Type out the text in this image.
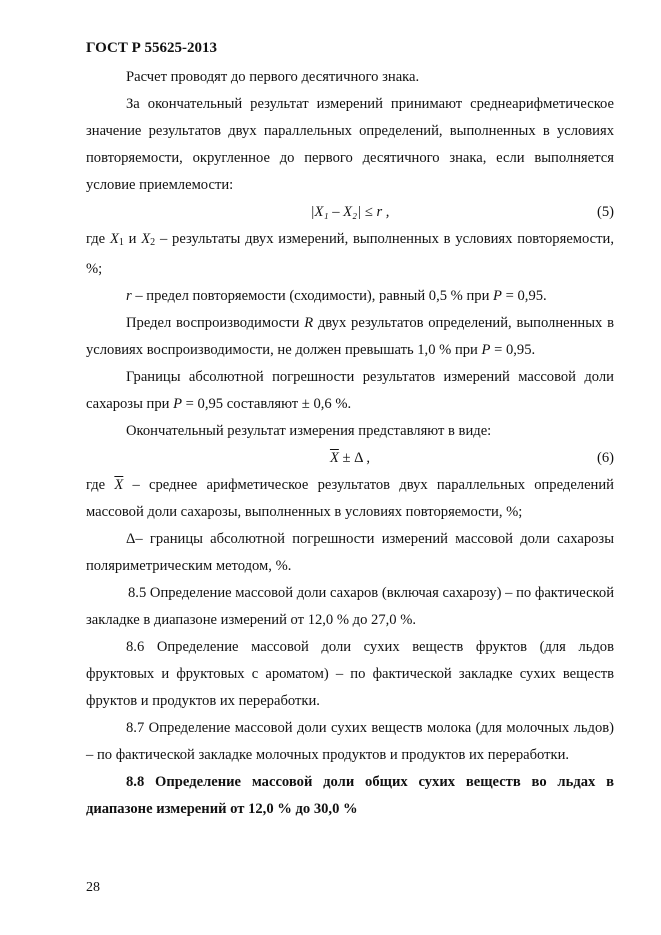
ГОСТ Р 55625-2013

Расчет проводят до первого десятичного знака.

За окончательный результат измерений принимают среднеарифметическое значение результатов двух параллельных определений, выполненных в условиях повторяемости, округленное до первого десятичного знака, если выполняется условие приемлемости:

|X₁ – X₂| ≤ r ,	(5)

где $X_1$ и $X_2$ – результаты двух измерений, выполненных в условиях повторяемости, %;

r – предел повторяемости (сходимости), равный 0,5 % при P = 0,95.

Предел воспроизводимости R двух результатов определений, выполненных в условиях воспроизводимости, не должен превышать 1,0 % при P = 0,95.

Границы абсолютной погрешности результатов измерений массовой доли сахарозы при P = 0,95 составляют ± 0,6 %.

Окончательный результат измерения представляют в виде:

$\overline{X} \pm \Delta$ ,	(6)

где $\overline{X}$ – среднее арифметическое результатов двух параллельных определений массовой доли сахарозы, выполненных в условиях повторяемости, %;

Δ– границы абсолютной погрешности измерений массовой доли сахарозы поляриметрическим методом, %.

8.5 Определение массовой доли сахаров (включая сахарозу) – по фактической закладке в диапазоне измерений от 12,0 % до 27,0 %.

8.6 Определение массовой доли сухих веществ фруктов (для льдов фруктовых и фруктовых с ароматом) – по фактической закладке сухих веществ фруктов и продуктов их переработки.

8.7 Определение массовой доли сухих веществ молока (для молочных льдов) – по фактической закладке молочных продуктов и продуктов их переработки.

8.8 Определение массовой доли общих сухих веществ во льдах в диапазоне измерений от 12,0 % до 30,0 %

28
